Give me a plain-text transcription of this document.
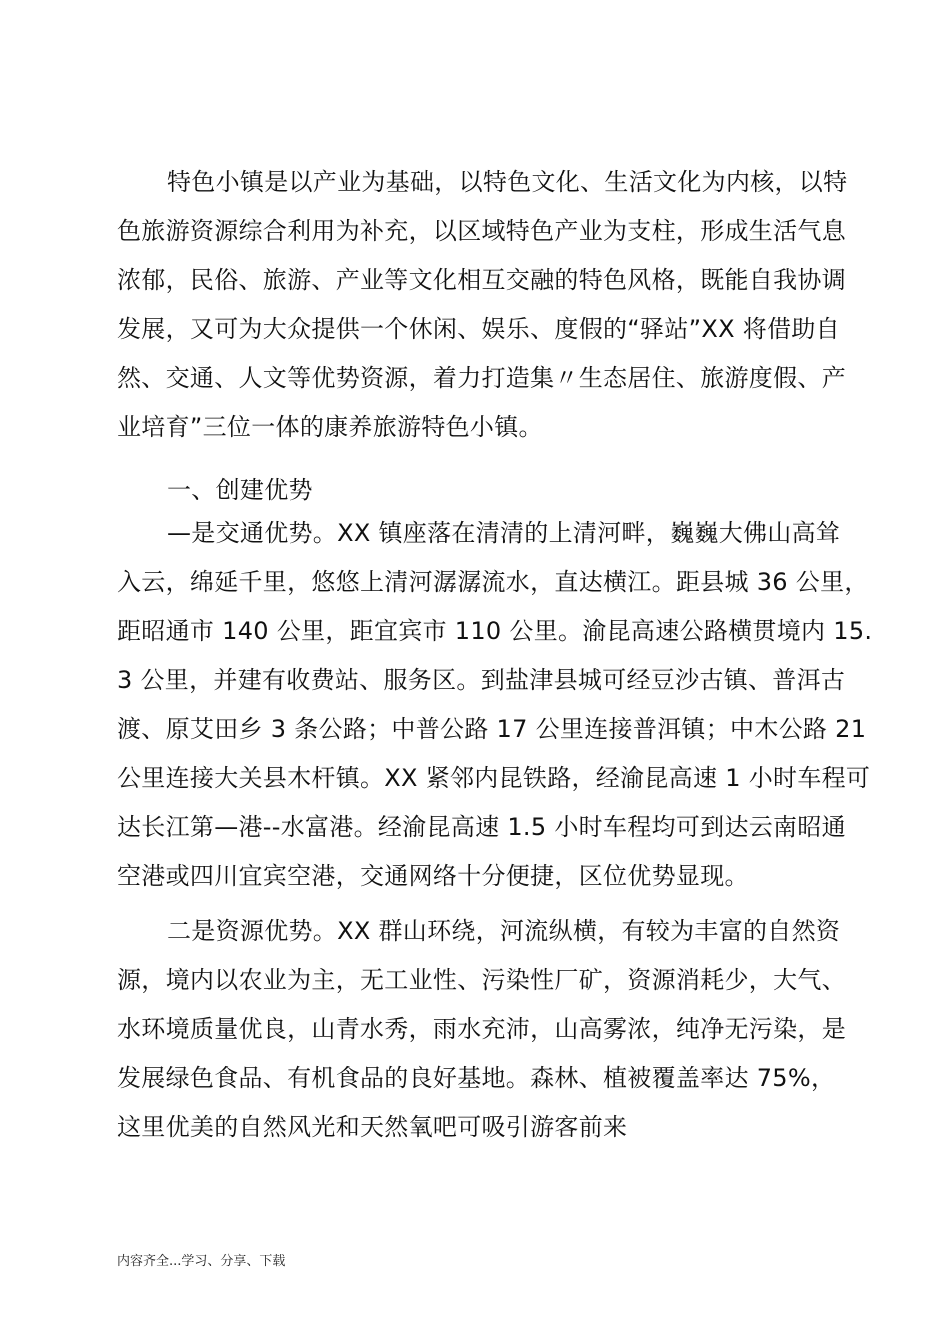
特色小镇是以产业为基础，以特色文化、生活文化为内核，以特
色旅游资源综合利用为补充，以区域特色产业为支柱，形成生活气息
浓郁，民俗、旅游、产业等文化相互交融的特色风格，既能自我协调
发展，又可为大众提供一个休闲、娱乐、度假的“驿站”XX 将借助自
然、交通、人文等优势资源，着力打造集〃生态居住、旅游度假、产
业培育”三位一体的康养旅游特色小镇。
一、创建优势
—是交通优势。XX 镇座落在清清的上清河畔，巍巍大佛山高耸
入云，绵延千里，悠悠上清河潺潺流水，直达横江。距县城 36 公里，
距昭通市 140 公里，距宜宾市 110 公里。渝昆高速公路横贯境内 15.
3 公里，并建有收费站、服务区。到盐津县城可经豆沙古镇、普洱古
渡、原艾田乡 3 条公路；中普公路 17 公里连接普洱镇；中木公路 21
公里连接大关县木杆镇。XX 紧邻内昆铁路，经渝昆高速 1 小时车程可
达长江第—港--水富港。经渝昆高速 1.5 小时车程均可到达云南昭通
空港或四川宜宾空港，交通网络十分便捷，区位优势显现。
二是资源优势。XX 群山环绕，河流纵横，有较为丰富的自然资
源，境内以农业为主，无工业性、污染性厂矿，资源消耗少，大气、
水环境质量优良，山青水秀，雨水充沛，山高雾浓，纯净无污染，是
发展绿色食品、有机食品的良好基地。森林、植被覆盖率达 75%，
这里优美的自然风光和天然氧吧可吸引游客前来
内容齐全...学习、分享、下载
